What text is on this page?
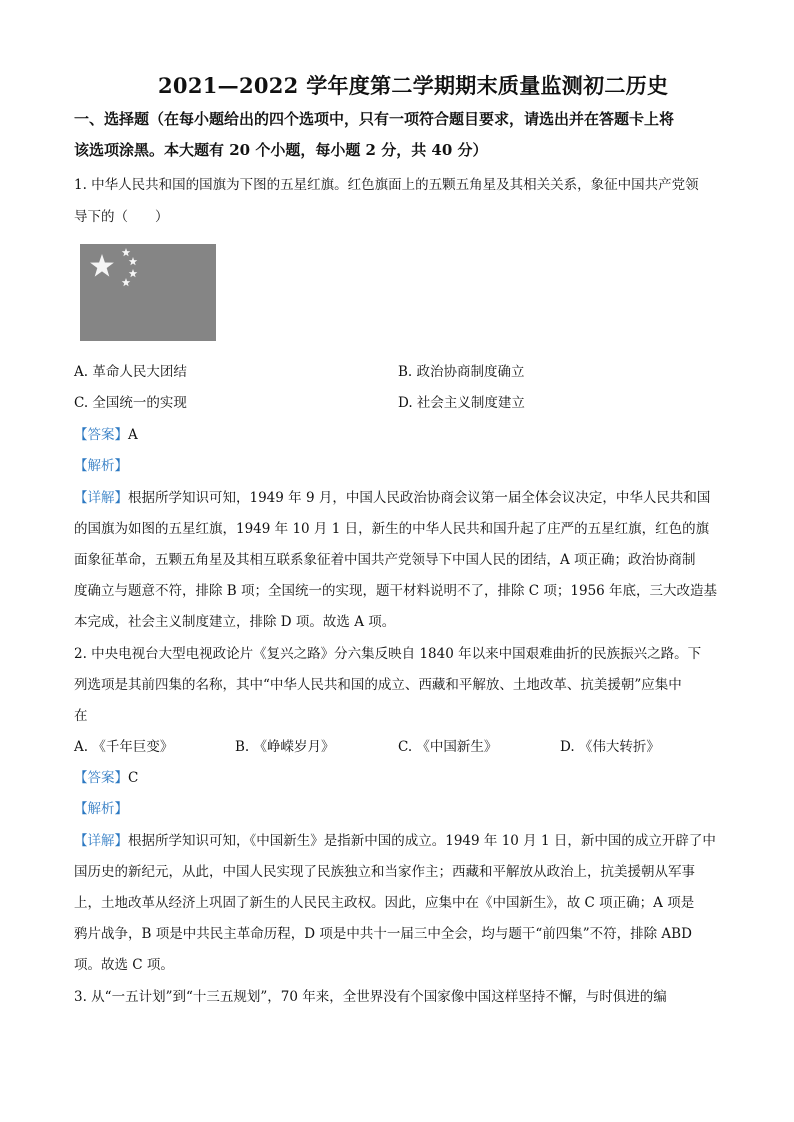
2021—2022 学年度第二学期期末质量监测初二历史
一、选择题（在每小题给出的四个选项中，只有一项符合题目要求，请选出并在答题卡上将
该选项涂黑。本大题有 20 个小题，每小题 2 分，共 40 分）
1. 中华人民共和国的国旗为下图的五星红旗。红色旗面上的五颗五角星及其相关关系，象征中国共产党领
导下的（　　）
A. 革命人民大团结	B. 政治协商制度确立
C. 全国统一的实现	D. 社会主义制度建立
【答案】A
【解析】
【详解】根据所学知识可知，1949 年 9 月，中国人民政治协商会议第一届全体会议决定，中华人民共和国
的国旗为如图的五星红旗，1949 年 10 月 1 日，新生的中华人民共和国升起了庄严的五星红旗，红色的旗
面象征革命，五颗五角星及其相互联系象征着中国共产党领导下中国人民的团结，A 项正确；政治协商制
度确立与题意不符，排除 B 项；全国统一的实现，题干材料说明不了，排除 C 项；1956 年底，三大改造基
本完成，社会主义制度建立，排除 D 项。故选 A 项。
2. 中央电视台大型电视政论片《复兴之路》分六集反映自 1840 年以来中国艰难曲折的民族振兴之路。下
列选项是其前四集的名称，其中“中华人民共和国的成立、西藏和平解放、土地改革、抗美援朝”应集中
在
A. 《千年巨变》	B. 《峥嵘岁月》	C. 《中国新生》	D. 《伟大转折》
【答案】C
【解析】
【详解】根据所学知识可知，《中国新生》是指新中国的成立。1949 年 10 月 1 日，新中国的成立开辟了中
国历史的新纪元，从此，中国人民实现了民族独立和当家作主；西藏和平解放从政治上，抗美援朝从军事
上，土地改革从经济上巩固了新生的人民民主政权。因此，应集中在《中国新生》，故 C 项正确；A 项是
鸦片战争，B 项是中共民主革命历程，D 项是中共十一届三中全会，均与题干“前四集”不符，排除 ABD
项。故选 C 项。
3. 从“一五计划”到“十三五规划”，70 年来，全世界没有个国家像中国这样坚持不懈，与时俱进的编
